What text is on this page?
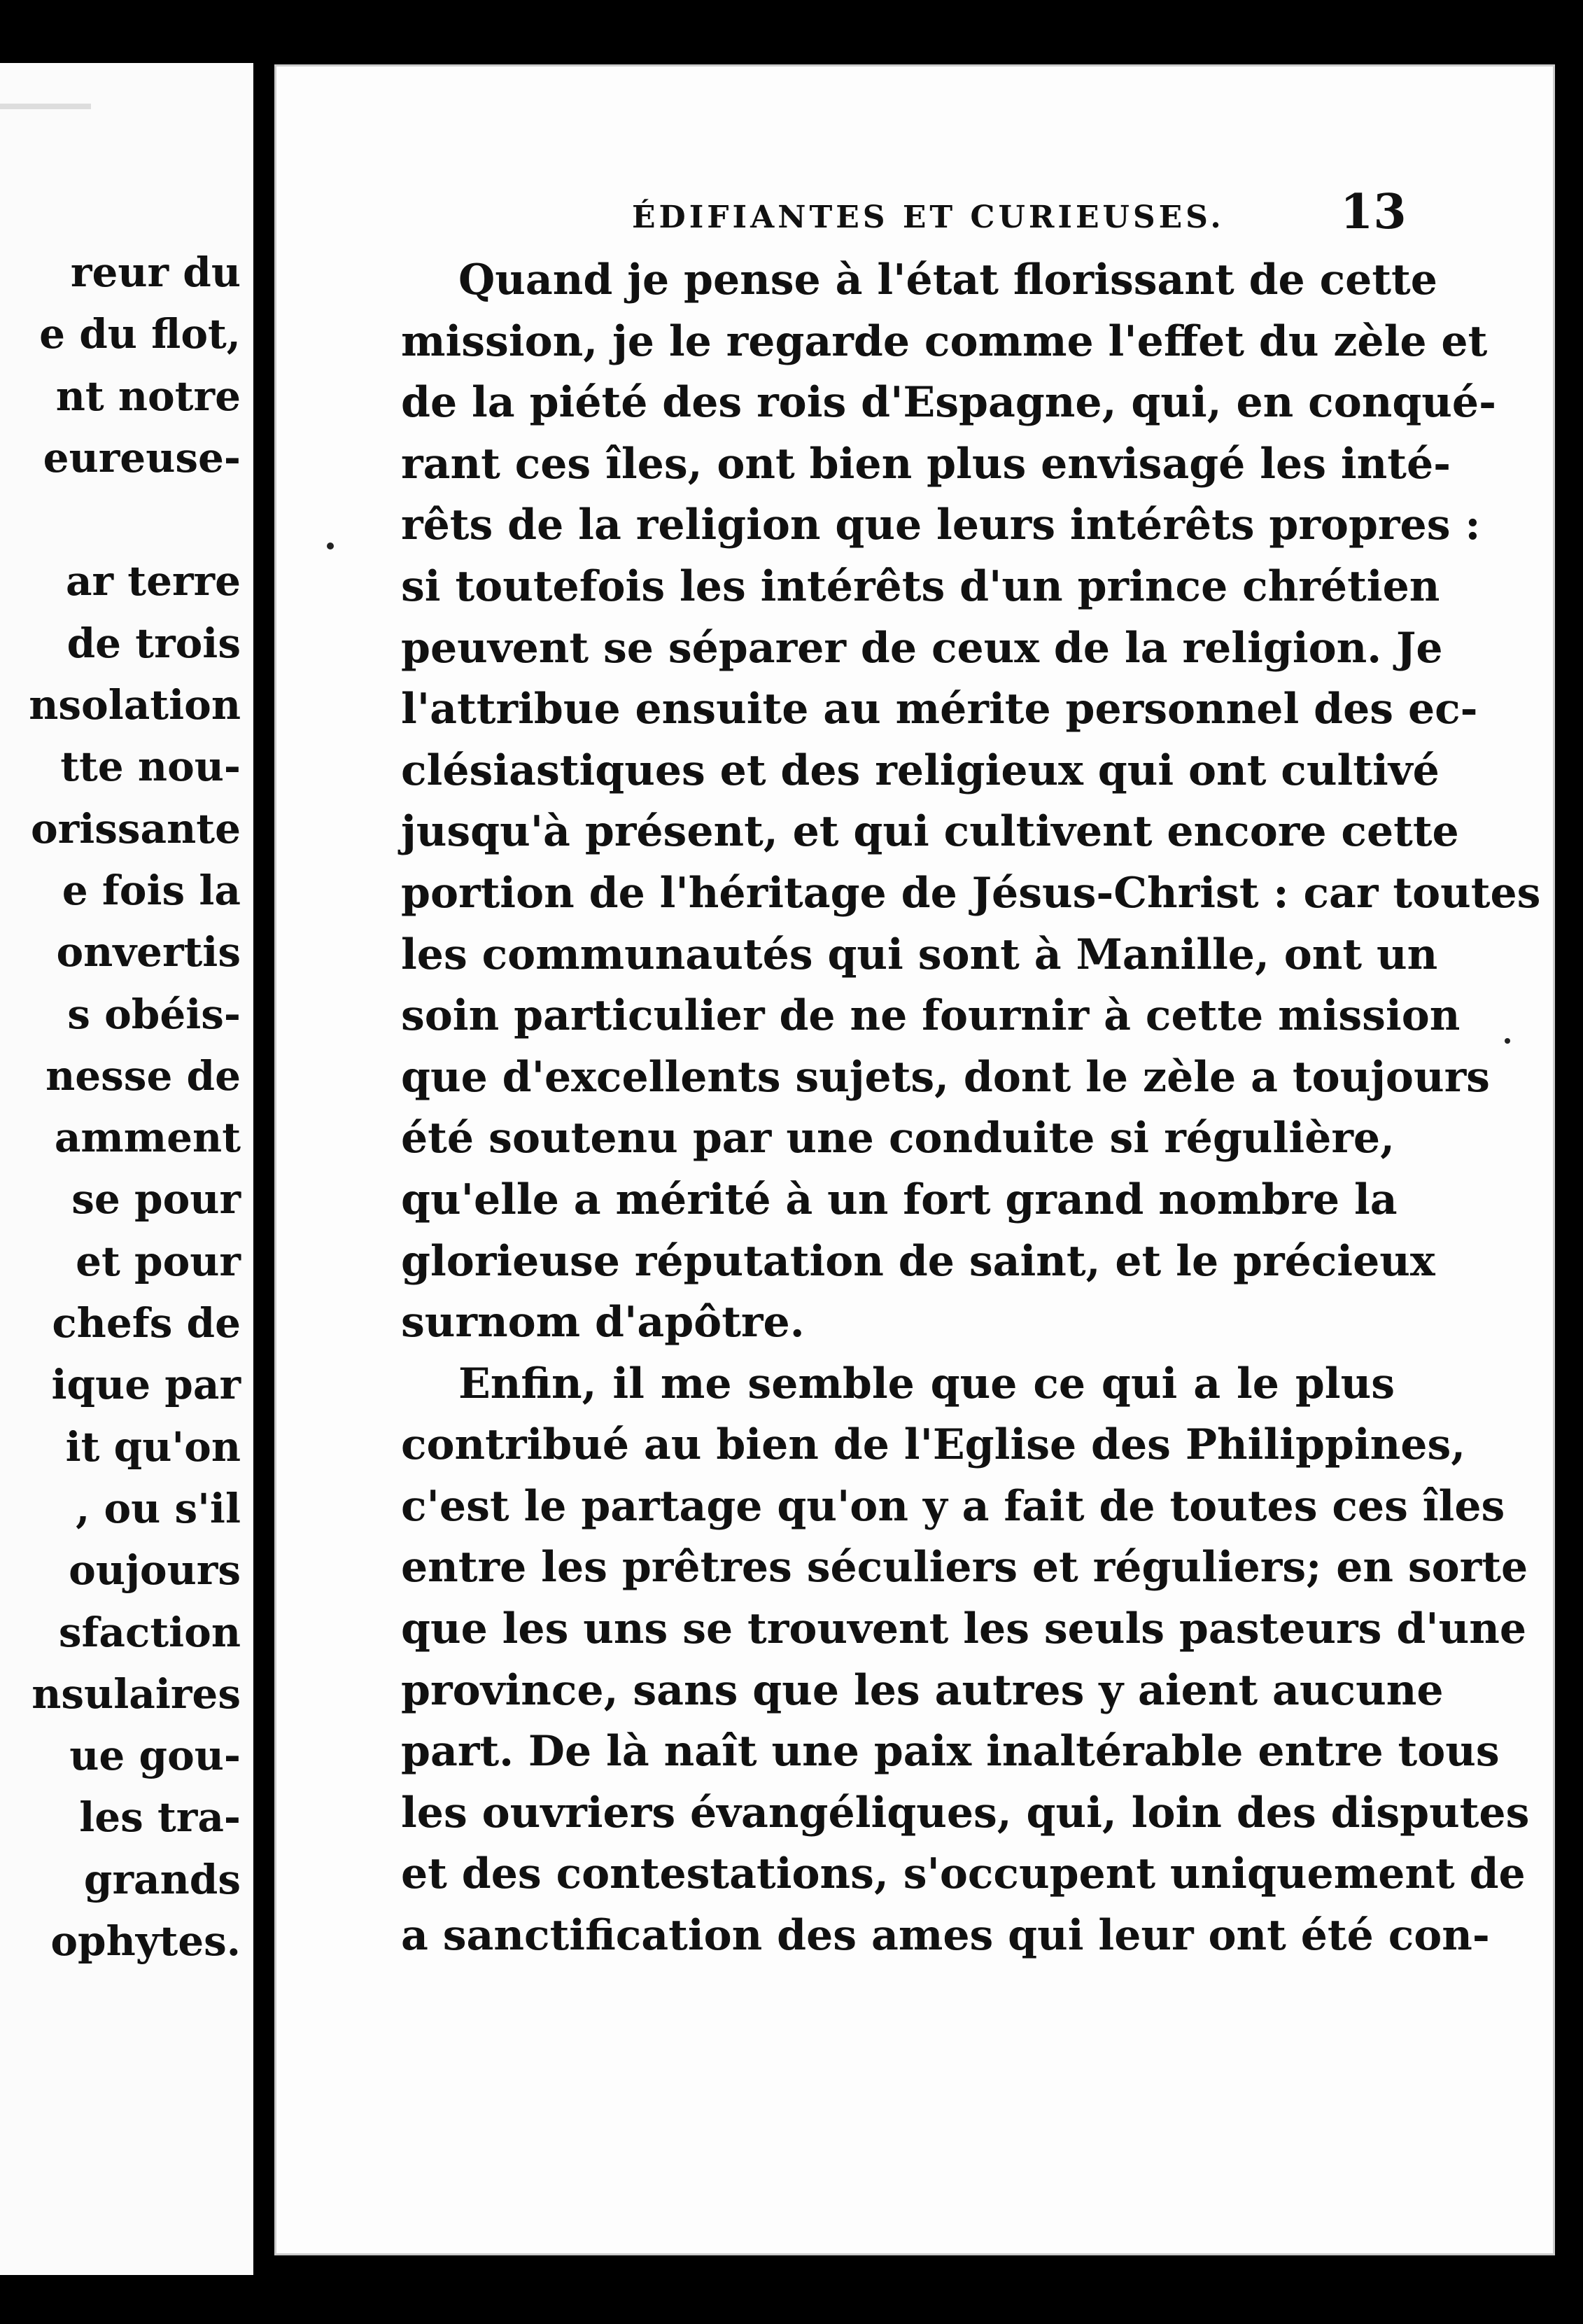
reur du
e du flot,
nt notre
eureuse-
ar terre
de trois
nsolation
tte nou-
orissante
e fois la
onvertis
s obéis-
nesse de
amment
se pour
et pour
chefs de
ique par
it qu'on
, ou s'il
oujours
sfaction
nsulaires
ue gou-
les tra-
grands
ophytes.
ÉDIFIANTES ET CURIEUSES. 13
Quand je pense à l'état florissant de cette
mission, je le regarde comme l'effet du zèle et
de la piété des rois d'Espagne, qui, en conqué-
rant ces îles, ont bien plus envisagé les inté-
rêts de la religion que leurs intérêts propres :
si toutefois les intérêts d'un prince chrétien
peuvent se séparer de ceux de la religion. Je
l'attribue ensuite au mérite personnel des ec-
clésiastiques et des religieux qui ont cultivé
jusqu'à présent, et qui cultivent encore cette
portion de l'héritage de Jésus-Christ : car toutes
les communautés qui sont à Manille, ont un
soin particulier de ne fournir à cette mission
que d'excellents sujets, dont le zèle a toujours
été soutenu par une conduite si régulière,
qu'elle a mérité à un fort grand nombre la
glorieuse réputation de saint, et le précieux
surnom d'apôtre.
Enfin, il me semble que ce qui a le plus
contribué au bien de l'Eglise des Philippines,
c'est le partage qu'on y a fait de toutes ces îles
entre les prêtres séculiers et réguliers; en sorte
que les uns se trouvent les seuls pasteurs d'une
province, sans que les autres y aient aucune
part. De là naît une paix inaltérable entre tous
les ouvriers évangéliques, qui, loin des disputes
et des contestations, s'occupent uniquement de
a sanctification des ames qui leur ont été con-
